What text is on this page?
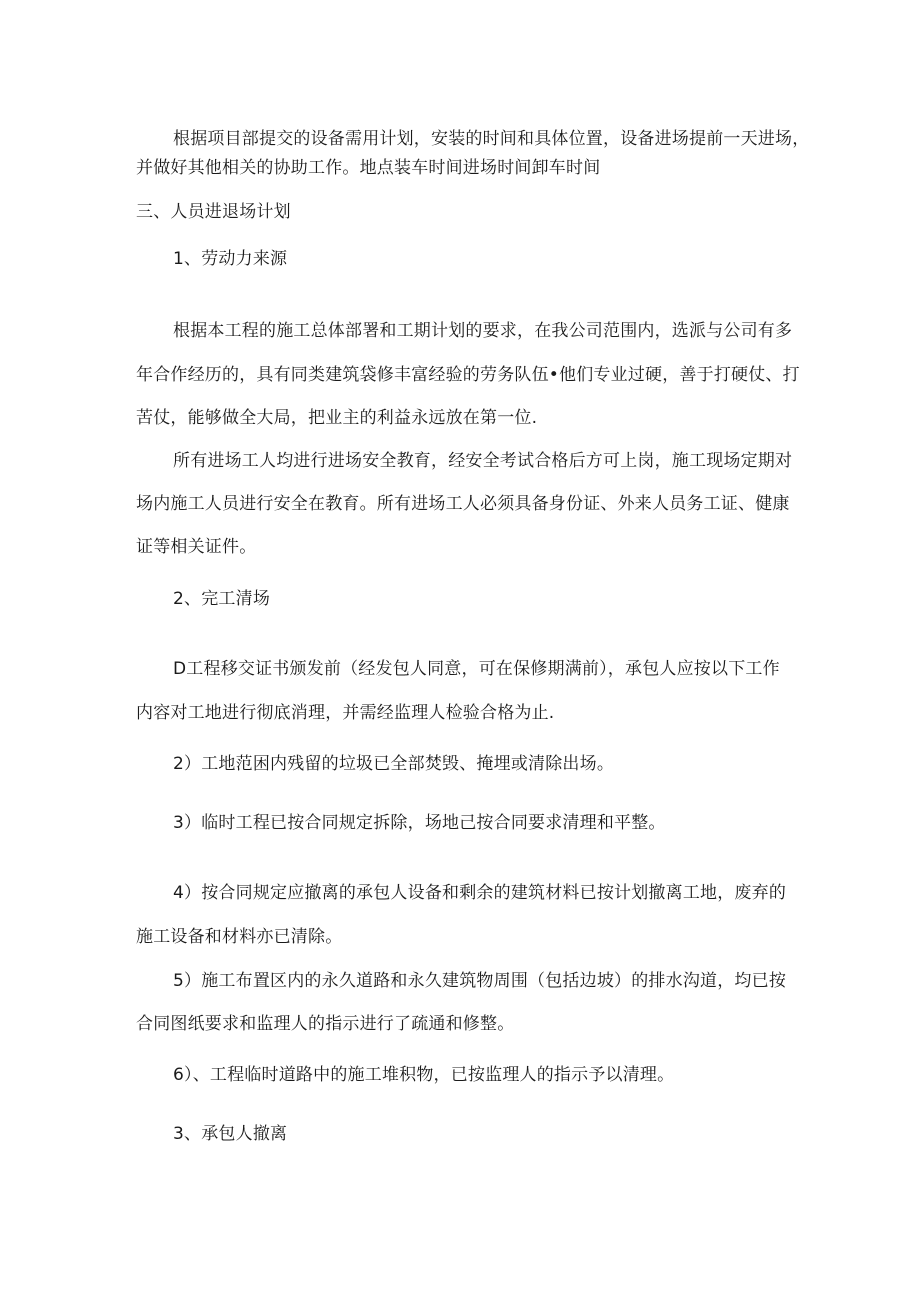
根据项目部提交的设备需用计划，安装的时间和具体位置，设备进场提前一天进场，

并做好其他相关的协助工作。地点装车时间进场时间卸车时间

三、人员进退场计划

1、劳动力来源

根据本工程的施工总体部署和工期计划的要求，在我公司范围内，选派与公司有多

年合作经历的，具有同类建筑袋修丰富经验的劳务队伍•他们专业过硬，善于打硬仗、打

苦仗，能够做全大局，把业主的利益永远放在第一位.

所有进场工人均进行进场安全教育，经安全考试合格后方可上岗，施工现场定期对

场内施工人员进行安全在教育。所有进场工人必须具备身份证、外来人员务工证、健康

证等相关证件。

2、完工清场

D工程移交证书颁发前（经发包人同意，可在保修期满前），承包人应按以下工作

内容对工地进行彻底消理，并需经监理人检验合格为止.

2）工地范困内残留的垃圾已全部焚毁、掩埋或清除出场。

3）临时工程已按合同规定拆除，场地己按合同要求清理和平整。

4）按合同规定应撤离的承包人设备和剩余的建筑材料已按计划撤离工地，废弃的

施工设备和材料亦已清除。

5）施工布置区内的永久道路和永久建筑物周围（包括边坡）的排水沟道，均已按

合同图纸要求和监理人的指示进行了疏通和修整。

6）、工程临时道路中的施工堆积物，已按监理人的指示予以清理。

3、承包人撤离
